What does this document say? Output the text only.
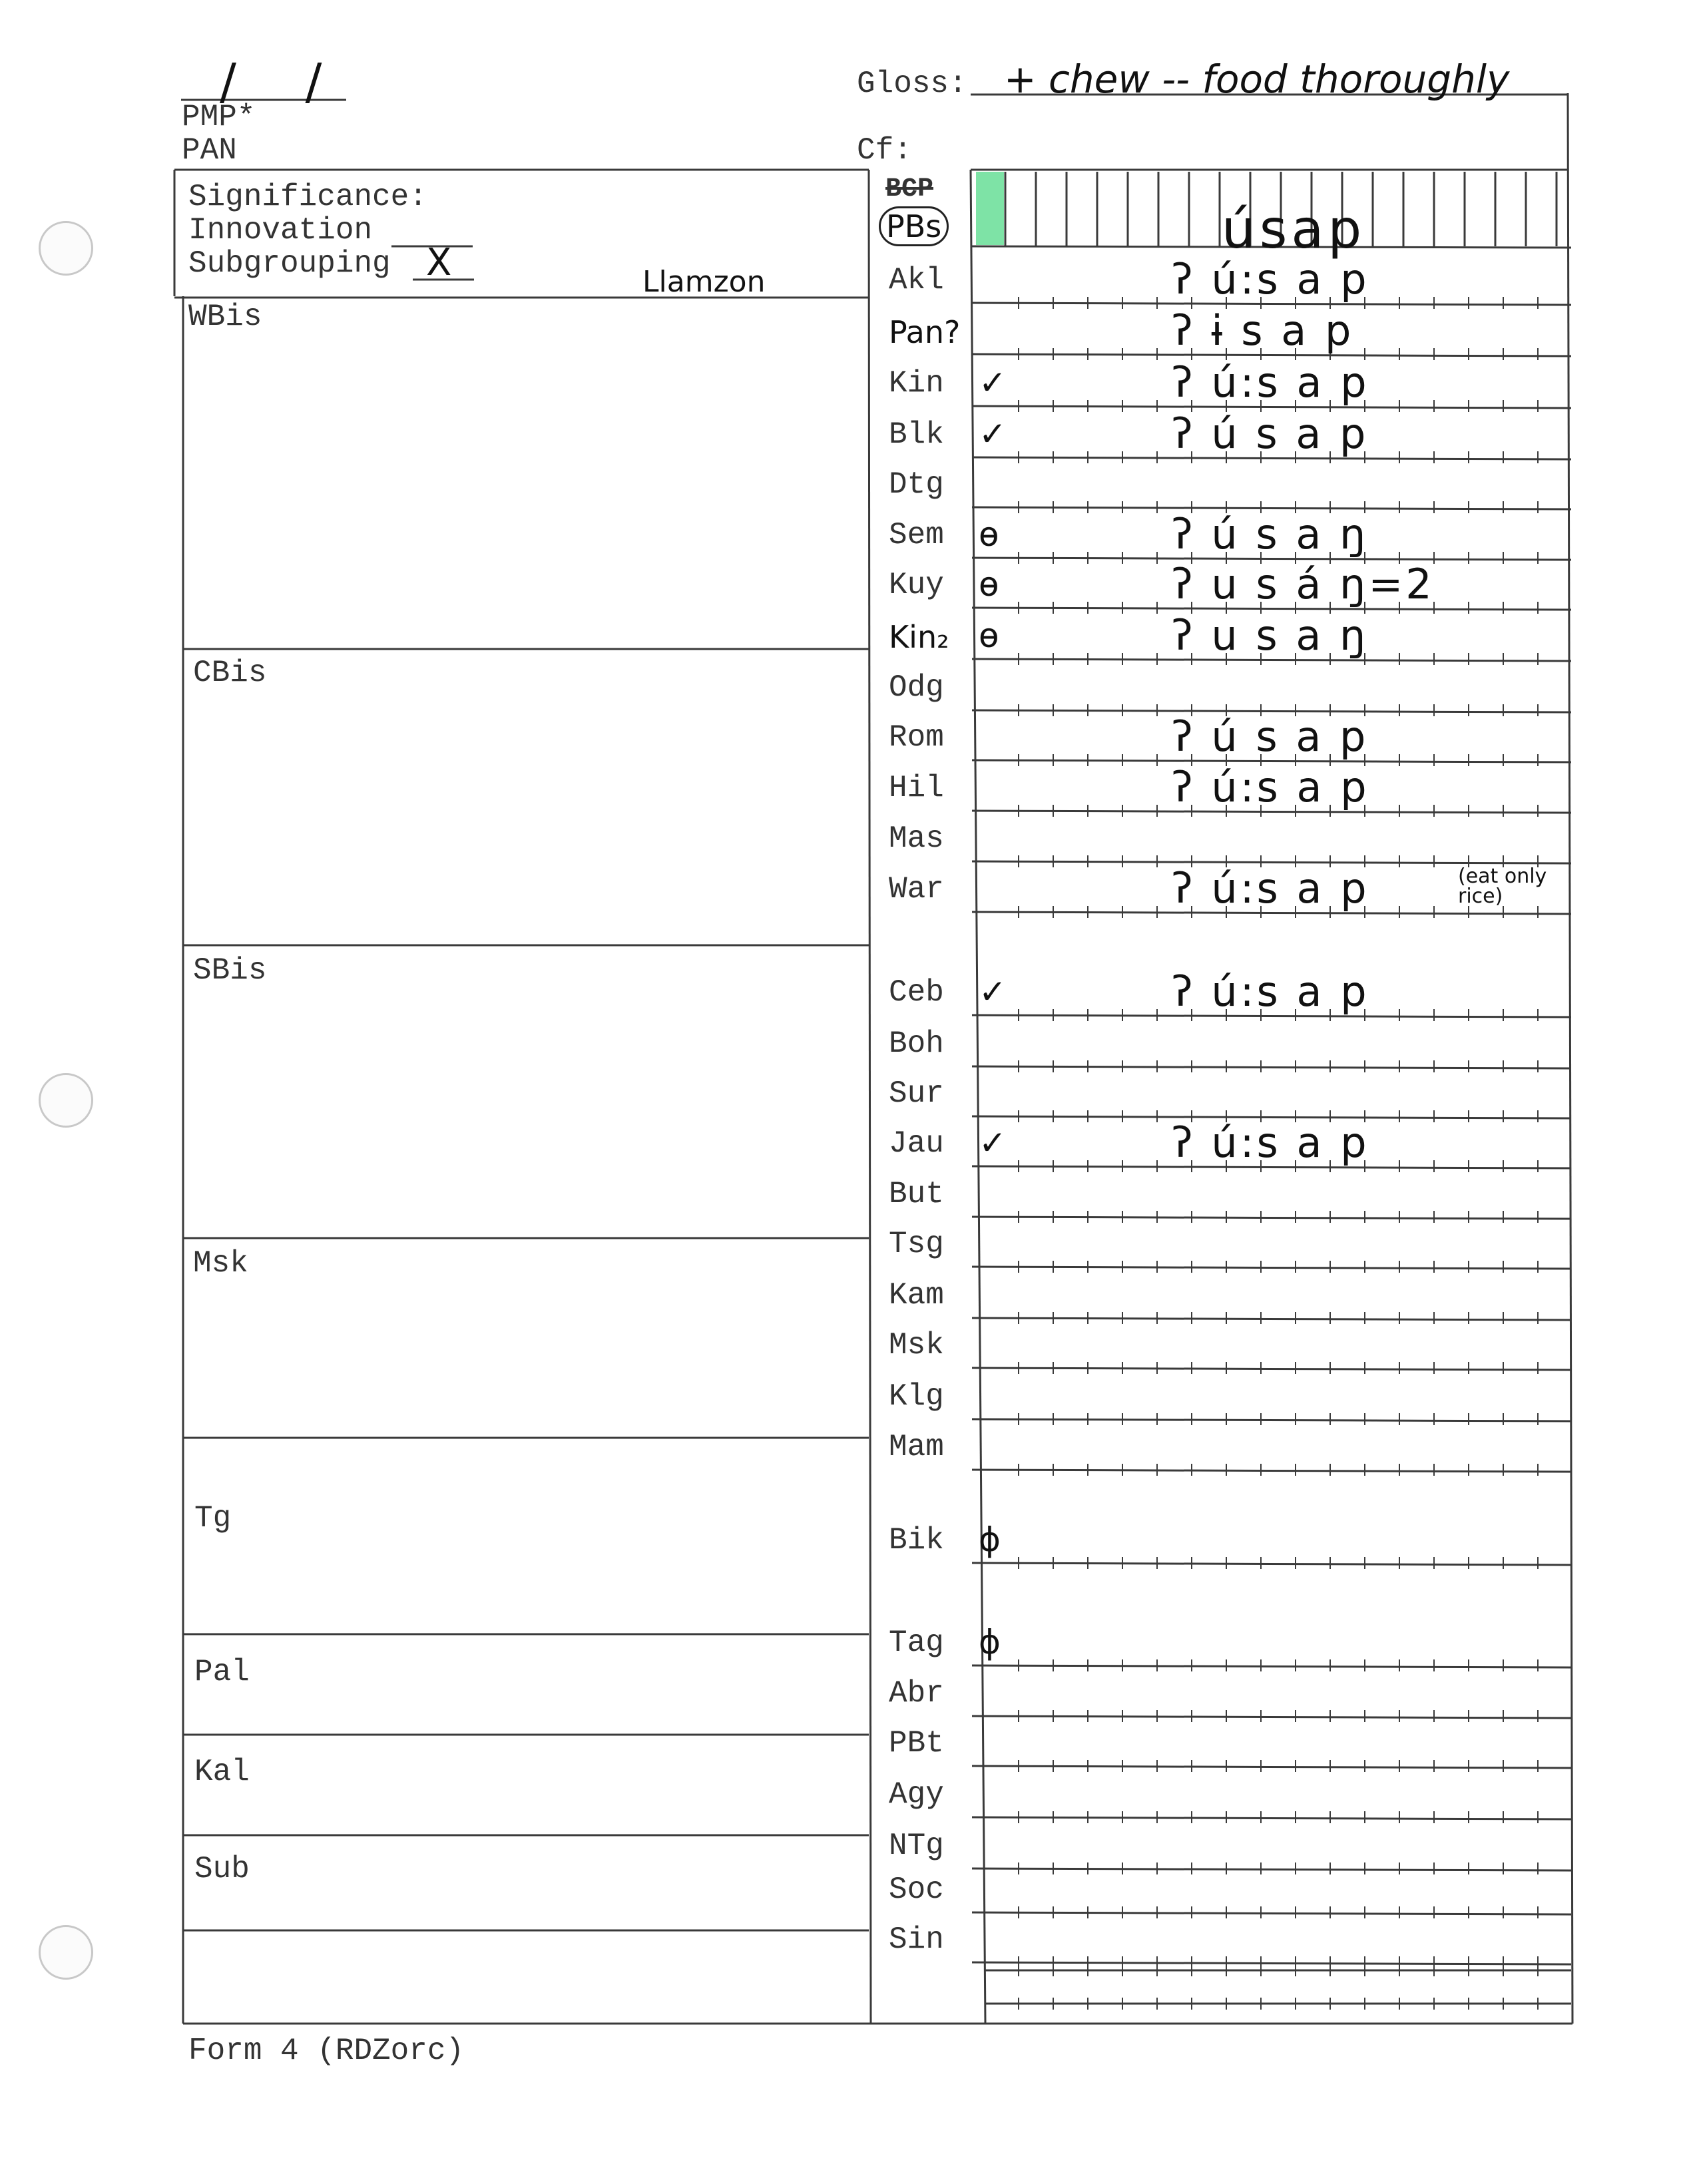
/ /
PMP*
PAN
Gloss: + chew -- food thoroughly
Cf:
Significance:
Innovation
Subgrouping X	Llamzon
WBis
CBis
SBis
Msk
Tg
Pal
Kal
Sub
BCP
PBs	úsap
Akl	ʔ ú:s a p
Pan?	ʔ ɨ s a p
Kin ✓	ʔ ú:s a p
Blk ✓	ʔ ú s a p
Dtg
Sem ɵ	ʔ ú s a ŋ
Kuy ɵ	ʔ u s á ŋ=2
Kin₂ ɵ	ʔ u s a ŋ
Odg
Rom	ʔ ú s a p
Hil	ʔ ú:s a p
Mas
War	ʔ ú:s a p	(eat only rice)
Ceb ✓	ʔ ú:s a p
Boh
Sur
Jau ✓	ʔ ú:s a p
But
Tsg
Kam
Msk
Klg
Mam
Bik ϕ
Tag ϕ
Abr
PBt
Agy
NTg
Soc
Sin
Form 4 (RDZorc)
